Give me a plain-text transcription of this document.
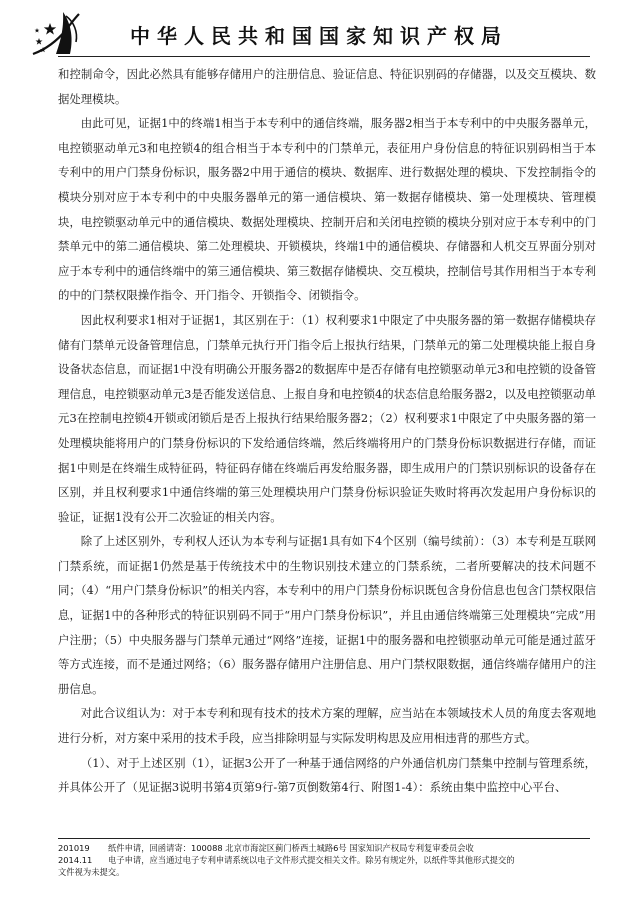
中华人民共和国国家知识产权局

和控制命令，因此必然具有能够存储用户的注册信息、验证信息、特征识别码的存储器，以及交互模块、数据处理模块。

由此可见，证据1中的终端1相当于本专利中的通信终端，服务器2相当于本专利中的中央服务器单元，电控锁驱动单元3和电控锁4的组合相当于本专利中的门禁单元，表征用户身份信息的特征识别码相当于本专利中的用户门禁身份标识，服务器2中用于通信的模块、数据库、进行数据处理的模块、下发控制指令的模块分别对应于本专利中的中央服务器单元的第一通信模块、第一数据存储模块、第一处理模块、管理模块，电控锁驱动单元中的通信模块、数据处理模块、控制开启和关闭电控锁的模块分别对应于本专利中的门禁单元中的第二通信模块、第二处理模块、开锁模块，终端1中的通信模块、存储器和人机交互界面分别对应于本专利中的通信终端中的第三通信模块、第三数据存储模块、交互模块，控制信号其作用相当于本专利的中的门禁权限操作指令、开门指令、开锁指令、闭锁指令。

因此权利要求1相对于证据1，其区别在于：（1）权利要求1中限定了中央服务器的第一数据存储模块存储有门禁单元设备管理信息，门禁单元执行开门指令后上报执行结果，门禁单元的第二处理模块能上报自身设备状态信息，而证据1中没有明确公开服务器2的数据库中是否存储有电控锁驱动单元3和电控锁的设备管理信息，电控锁驱动单元3是否能发送信息、上报自身和电控锁4的状态信息给服务器2，以及电控锁驱动单元3在控制电控锁4开锁或闭锁后是否上报执行结果给服务器2；（2）权利要求1中限定了中央服务器的第一处理模块能将用户的门禁身份标识的下发给通信终端，然后终端将用户的门禁身份标识数据进行存储，而证据1中则是在终端生成特征码，特征码存储在终端后再发给服务器，即生成用户的门禁识别标识的设备存在区别，并且权利要求1中通信终端的第三处理模块用户门禁身份标识验证失败时将再次发起用户身份标识的验证，证据1没有公开二次验证的相关内容。

除了上述区别外，专利权人还认为本专利与证据1具有如下4个区别（编号续前）：（3）本专利是互联网门禁系统，而证据1仍然是基于传统技术中的生物识别技术建立的门禁系统，二者所要解决的技术问题不同；（4）“用户门禁身份标识”的相关内容，本专利中的用户门禁身份标识既包含身份信息也包含门禁权限信息，证据1中的各种形式的特征识别码不同于“用户门禁身份标识”，并且由通信终端第三处理模块“完成”用户注册；（5）中央服务器与门禁单元通过“网络”连接，证据1中的服务器和电控锁驱动单元可能是通过蓝牙等方式连接，而不是通过网络；（6）服务器存储用户注册信息、用户门禁权限数据，通信终端存储用户的注册信息。

对此合议组认为：对于本专利和现有技术的技术方案的理解，应当站在本领域技术人员的角度去客观地进行分析，对方案中采用的技术手段，应当排除明显与实际发明构思及应用相违背的那些方式。

（1）、对于上述区别（1），证据3公开了一种基于通信网络的户外通信机房门禁集中控制与管理系统，并具体公开了（见证据3说明书第4页第9行-第7页倒数第4行、附图1-4）：系统由集中监控中心平台、

201019	纸件申请，回函请寄：100088 北京市海淀区蓟门桥西土城路6号 国家知识产权局专利复审委员会收
2014.11	电子申请，应当通过电子专利申请系统以电子文件形式提交相关文件。除另有规定外，以纸件等其他形式提交的
文件视为未提交。
